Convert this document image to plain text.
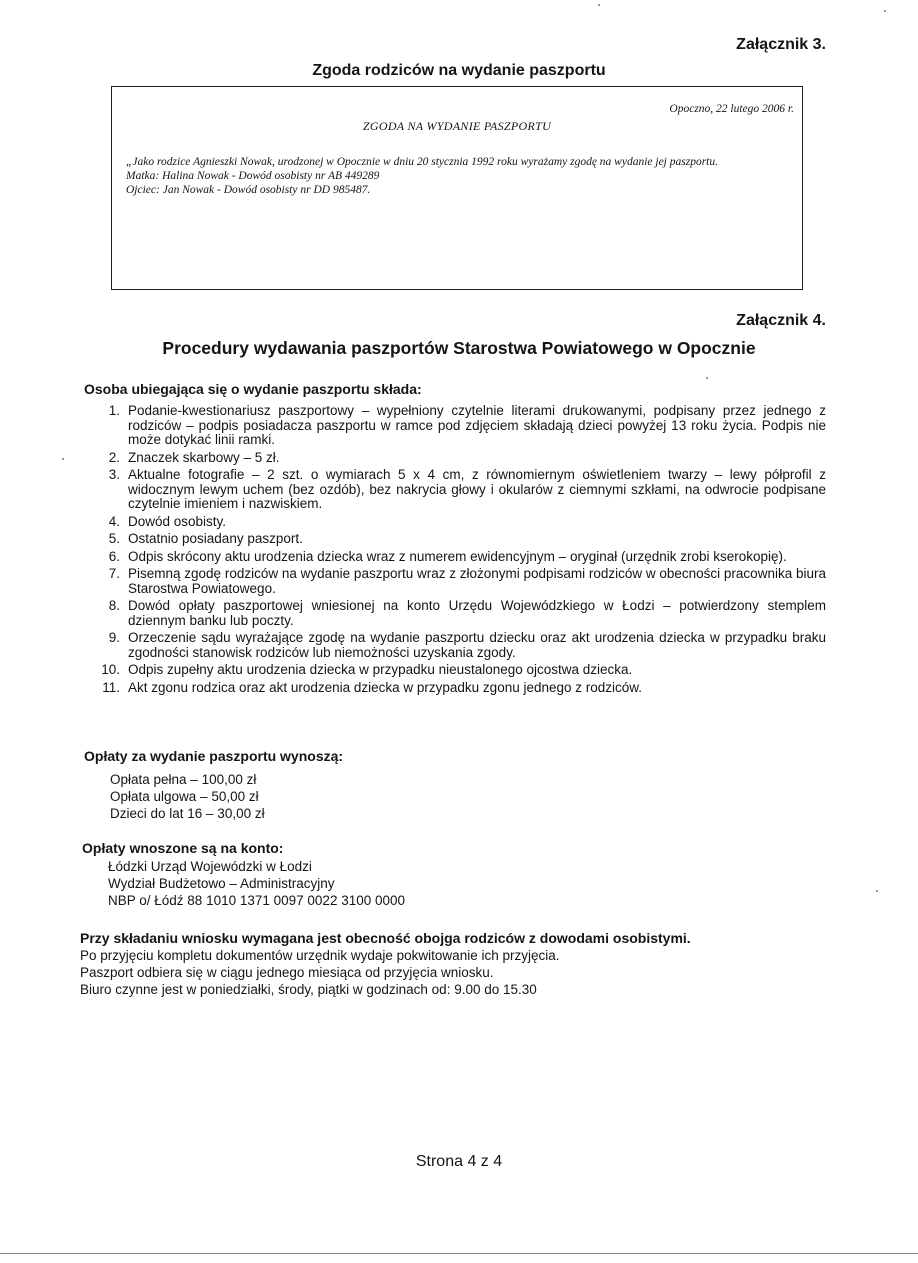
Załącznik 3.
Zgoda rodziców na wydanie paszportu
Opoczno, 22 lutego 2006 r.
ZGODA NA WYDANIE PASZPORTU
„Jako rodzice Agnieszki Nowak, urodzonej w Opocznie w dniu 20 stycznia 1992 roku wyrażamy zgodę na wydanie jej paszportu.
Matka: Halina Nowak - Dowód osobisty nr AB 449289
Ojciec: Jan Nowak - Dowód osobisty nr DD 985487.
Załącznik 4.
Procedury wydawania paszportów Starostwa Powiatowego w Opocznie
Osoba ubiegająca się o wydanie paszportu składa:
1. Podanie-kwestionariusz paszportowy – wypełniony czytelnie literami drukowanymi, podpisany przez jednego z rodziców – podpis posiadacza paszportu w ramce pod zdjęciem składają dzieci powyżej 13 roku życia. Podpis nie może dotykać linii ramki.
2. Znaczek skarbowy – 5 zł.
3. Aktualne fotografie – 2 szt. o wymiarach 5 x 4 cm, z równomiernym oświetleniem twarzy – lewy półprofil z widocznym lewym uchem (bez ozdób), bez nakrycia głowy i okularów z ciemnymi szkłami, na odwrocie podpisane czytelnie imieniem i nazwiskiem.
4. Dowód osobisty.
5. Ostatnio posiadany paszport.
6. Odpis skrócony aktu urodzenia dziecka wraz z numerem ewidencyjnym – oryginał (urzędnik zrobi kserokopię).
7. Pisemną zgodę rodziców na wydanie paszportu wraz z złożonymi podpisami rodziców w obecności pracownika biura Starostwa Powiatowego.
8. Dowód opłaty paszportowej wniesionej na konto Urzędu Wojewódzkiego w Łodzi – potwierdzony stemplem dziennym banku lub poczty.
9. Orzeczenie sądu wyrażające zgodę na wydanie paszportu dziecku oraz akt urodzenia dziecka w przypadku braku zgodności stanowisk rodziców lub niemożności uzyskania zgody.
10. Odpis zupełny aktu urodzenia dziecka w przypadku nieustalonego ojcostwa dziecka.
11. Akt zgonu rodzica oraz akt urodzenia dziecka w przypadku zgonu jednego z rodziców.
Opłaty za wydanie paszportu wynoszą:
Opłata pełna – 100,00 zł
Opłata ulgowa – 50,00 zł
Dzieci do lat 16 – 30,00 zł
Opłaty wnoszone są na konto:
Łódzki Urząd Wojewódzki w Łodzi
Wydział Budżetowo – Administracyjny
NBP o/ Łódź 88 1010 1371 0097 0022 3100 0000
Przy składaniu wniosku wymagana jest obecność obojga rodziców z dowodami osobistymi.
Po przyjęciu kompletu dokumentów urzędnik wydaje pokwitowanie ich przyjęcia.
Paszport odbiera się w ciągu jednego miesiąca od przyjęcia wniosku.
Biuro czynne jest w poniedziałki, środy, piątki w godzinach od: 9.00 do 15.30
Strona 4 z 4
